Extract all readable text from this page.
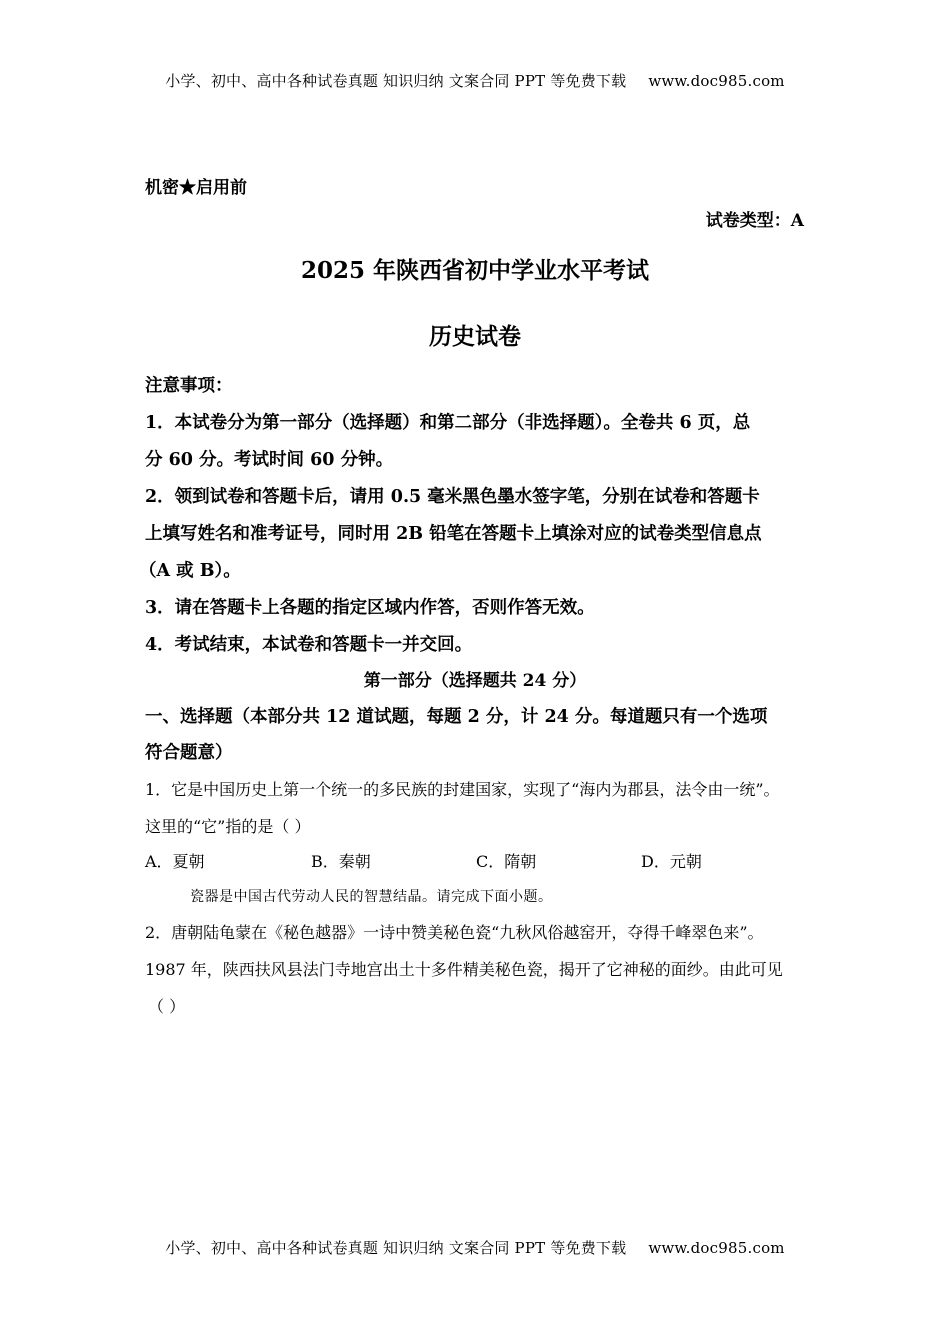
小学、初中、高中各种试卷真题 知识归纳 文案合同 PPT 等免费下载 www.doc985.com
机密★启用前
试卷类型：A
2025 年陕西省初中学业水平考试
历史试卷
注意事项：
1．本试卷分为第一部分（选择题）和第二部分（非选择题）。全卷共 6 页，总
分 60 分。考试时间 60 分钟。
2．领到试卷和答题卡后，请用 0.5 毫米黑色墨水签字笔，分别在试卷和答题卡
上填写姓名和准考证号，同时用 2B 铅笔在答题卡上填涂对应的试卷类型信息点
（A 或 B）。
3．请在答题卡上各题的指定区域内作答，否则作答无效。
4．考试结束，本试卷和答题卡一并交回。
第一部分（选择题共 24 分）
一、选择题（本部分共 12 道试题，每题 2 分，计 24 分。每道题只有一个选项
符合题意）
1．它是中国历史上第一个统一的多民族的封建国家，实现了“海内为郡县，法令由一统”。
这里的“它”指的是（ ）
A．夏朝	B．秦朝	C．隋朝	D．元朝
瓷器是中国古代劳动人民的智慧结晶。请完成下面小题。
2．唐朝陆龟蒙在《秘色越器》一诗中赞美秘色瓷“九秋风俗越窑开，夺得千峰翠色来”。
1987 年，陕西扶风县法门寺地宫出土十多件精美秘色瓷，揭开了它神秘的面纱。由此可见
（ ）
小学、初中、高中各种试卷真题 知识归纳 文案合同 PPT 等免费下载 www.doc985.com
